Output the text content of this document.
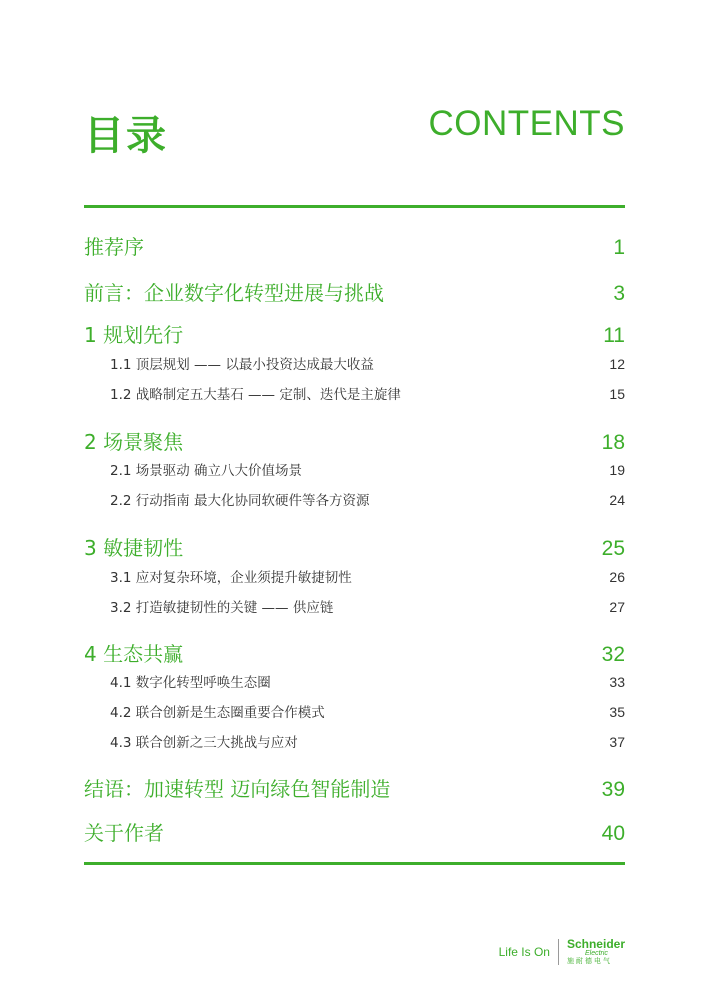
目录	CONTENTS
推荐序	1
前言：企业数字化转型进展与挑战	3
1 规划先行	11
1.1 顶层规划 —— 以最小投资达成最大收益	12
1.2 战略制定五大基石 —— 定制、迭代是主旋律	15
2 场景聚焦	18
2.1 场景驱动 确立八大价值场景	19
2.2 行动指南 最大化协同软硬件等各方资源	24
3 敏捷韧性	25
3.1 应对复杂环境，企业须提升敏捷韧性	26
3.2 打造敏捷韧性的关键 —— 供应链	27
4 生态共赢	32
4.1 数字化转型呼唤生态圈	33
4.2 联合创新是生态圈重要合作模式	35
4.3 联合创新之三大挑战与应对	37
结语：加速转型 迈向绿色智能制造	39
关于作者	40
Life Is On
Schneider
Electric
施耐德电气
